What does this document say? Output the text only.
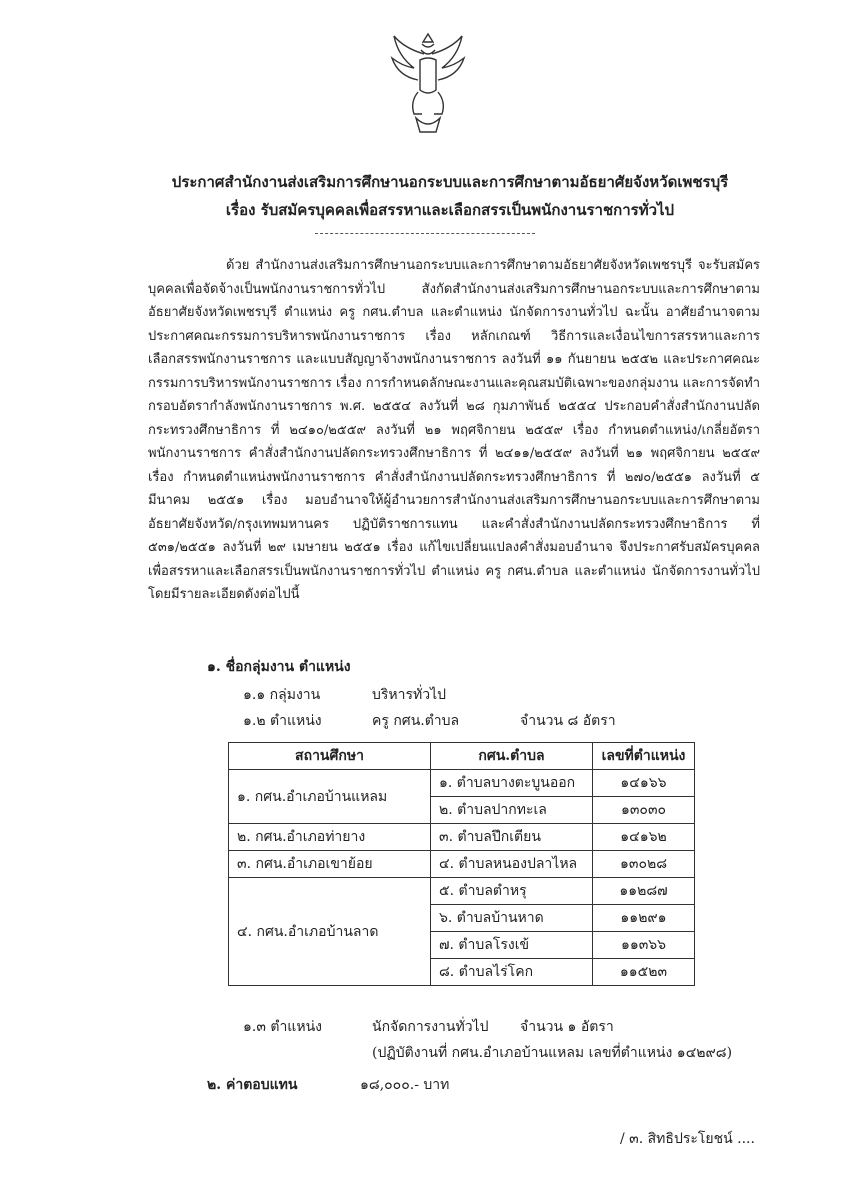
ประกาศสำนักงานส่งเสริมการศึกษานอกระบบและการศึกษาตามอัธยาศัยจังหวัดเพชรบุรี
เรื่อง รับสมัครบุคคลเพื่อสรรหาและเลือกสรรเป็นพนักงานราชการทั่วไป

ด้วย สำนักงานส่งเสริมการศึกษานอกระบบและการศึกษาตามอัธยาศัยจังหวัดเพชรบุรี จะรับสมัครบุคคลเพื่อจัดจ้างเป็นพนักงานราชการทั่วไป สังกัดสำนักงานส่งเสริมการศึกษานอกระบบและการศึกษาตามอัธยาศัยจังหวัดเพชรบุรี ตำแหน่ง ครู กศน.ตำบล และตำแหน่ง นักจัดการงานทั่วไป ฉะนั้น อาศัยอำนาจตามประกาศคณะกรรมการบริหารพนักงานราชการ เรื่อง หลักเกณฑ์ วิธีการและเงื่อนไขการสรรหาและการเลือกสรรพนักงานราชการ และแบบสัญญาจ้างพนักงานราชการ ลงวันที่ ๑๑ กันยายน ๒๕๕๒ และประกาศคณะกรรมการบริหารพนักงานราชการ เรื่อง การกำหนดลักษณะงานและคุณสมบัติเฉพาะของกลุ่มงาน และการจัดทำกรอบอัตรากำลังพนักงานราชการ พ.ศ. ๒๕๕๔ ลงวันที่ ๒๘ กุมภาพันธ์ ๒๕๕๔ ประกอบคำสั่งสำนักงานปลัดกระทรวงศึกษาธิการ ที่ ๒๔๑๐/๒๕๕๙ ลงวันที่ ๒๑ พฤศจิกายน ๒๕๕๙ เรื่อง กำหนดตำแหน่ง/เกลี่ยอัตราพนักงานราชการ คำสั่งสำนักงานปลัดกระทรวงศึกษาธิการ ที่ ๒๔๑๑/๒๕๕๙ ลงวันที่ ๒๑ พฤศจิกายน ๒๕๕๙ เรื่อง กำหนดตำแหน่งพนักงานราชการ คำสั่งสำนักงานปลัดกระทรวงศึกษาธิการ ที่ ๒๗๐/๒๕๕๑ ลงวันที่ ๕ มีนาคม ๒๕๕๑ เรื่อง มอบอำนาจให้ผู้อำนวยการสำนักงานส่งเสริมการศึกษานอกระบบและการศึกษาตามอัธยาศัยจังหวัด/กรุงเทพมหานคร ปฏิบัติราชการแทน และคำสั่งสำนักงานปลัดกระทรวงศึกษาธิการ ที่ ๕๓๑/๒๕๕๑ ลงวันที่ ๒๙ เมษายน ๒๕๕๑ เรื่อง แก้ไขเปลี่ยนแปลงคำสั่งมอบอำนาจ จึงประกาศรับสมัครบุคคลเพื่อสรรหาและเลือกสรรเป็นพนักงานราชการทั่วไป ตำแหน่ง ครู กศน.ตำบล และตำแหน่ง นักจัดการงานทั่วไป โดยมีรายละเอียดดังต่อไปนี้

๑. ชื่อกลุ่มงาน ตำแหน่ง
๑.๑ กลุ่มงาน	บริหารทั่วไป
๑.๒ ตำแหน่ง	ครู กศน.ตำบล	จำนวน ๘ อัตรา
สถานศึกษา	กศน.ตำบล	เลขที่ตำแหน่ง
๑. กศน.อำเภอบ้านแหลม	๑. ตำบลบางตะบูนออก	๑๔๑๖๖
	๒. ตำบลปากทะเล	๑๓๐๓๐
๒. กศน.อำเภอท่ายาง	๓. ตำบลปึกเตียน	๑๔๑๖๒
๓. กศน.อำเภอเขาย้อย	๔. ตำบลหนองปลาไหล	๑๓๐๒๘
๔. กศน.อำเภอบ้านลาด	๕. ตำบลตำหรุ	๑๑๒๘๗
	๖. ตำบลบ้านหาด	๑๑๒๙๑
	๗. ตำบลโรงเข้	๑๑๓๖๖
	๘. ตำบลไร่โคก	๑๑๕๒๓
๑.๓ ตำแหน่ง	นักจัดการงานทั่วไป จำนวน ๑ อัตรา
(ปฏิบัติงานที่ กศน.อำเภอบ้านแหลม เลขที่ตำแหน่ง ๑๔๒๙๘)
๒. ค่าตอบแทน	๑๘,๐๐๐.- บาท
/ ๓. สิทธิประโยชน์ ....
